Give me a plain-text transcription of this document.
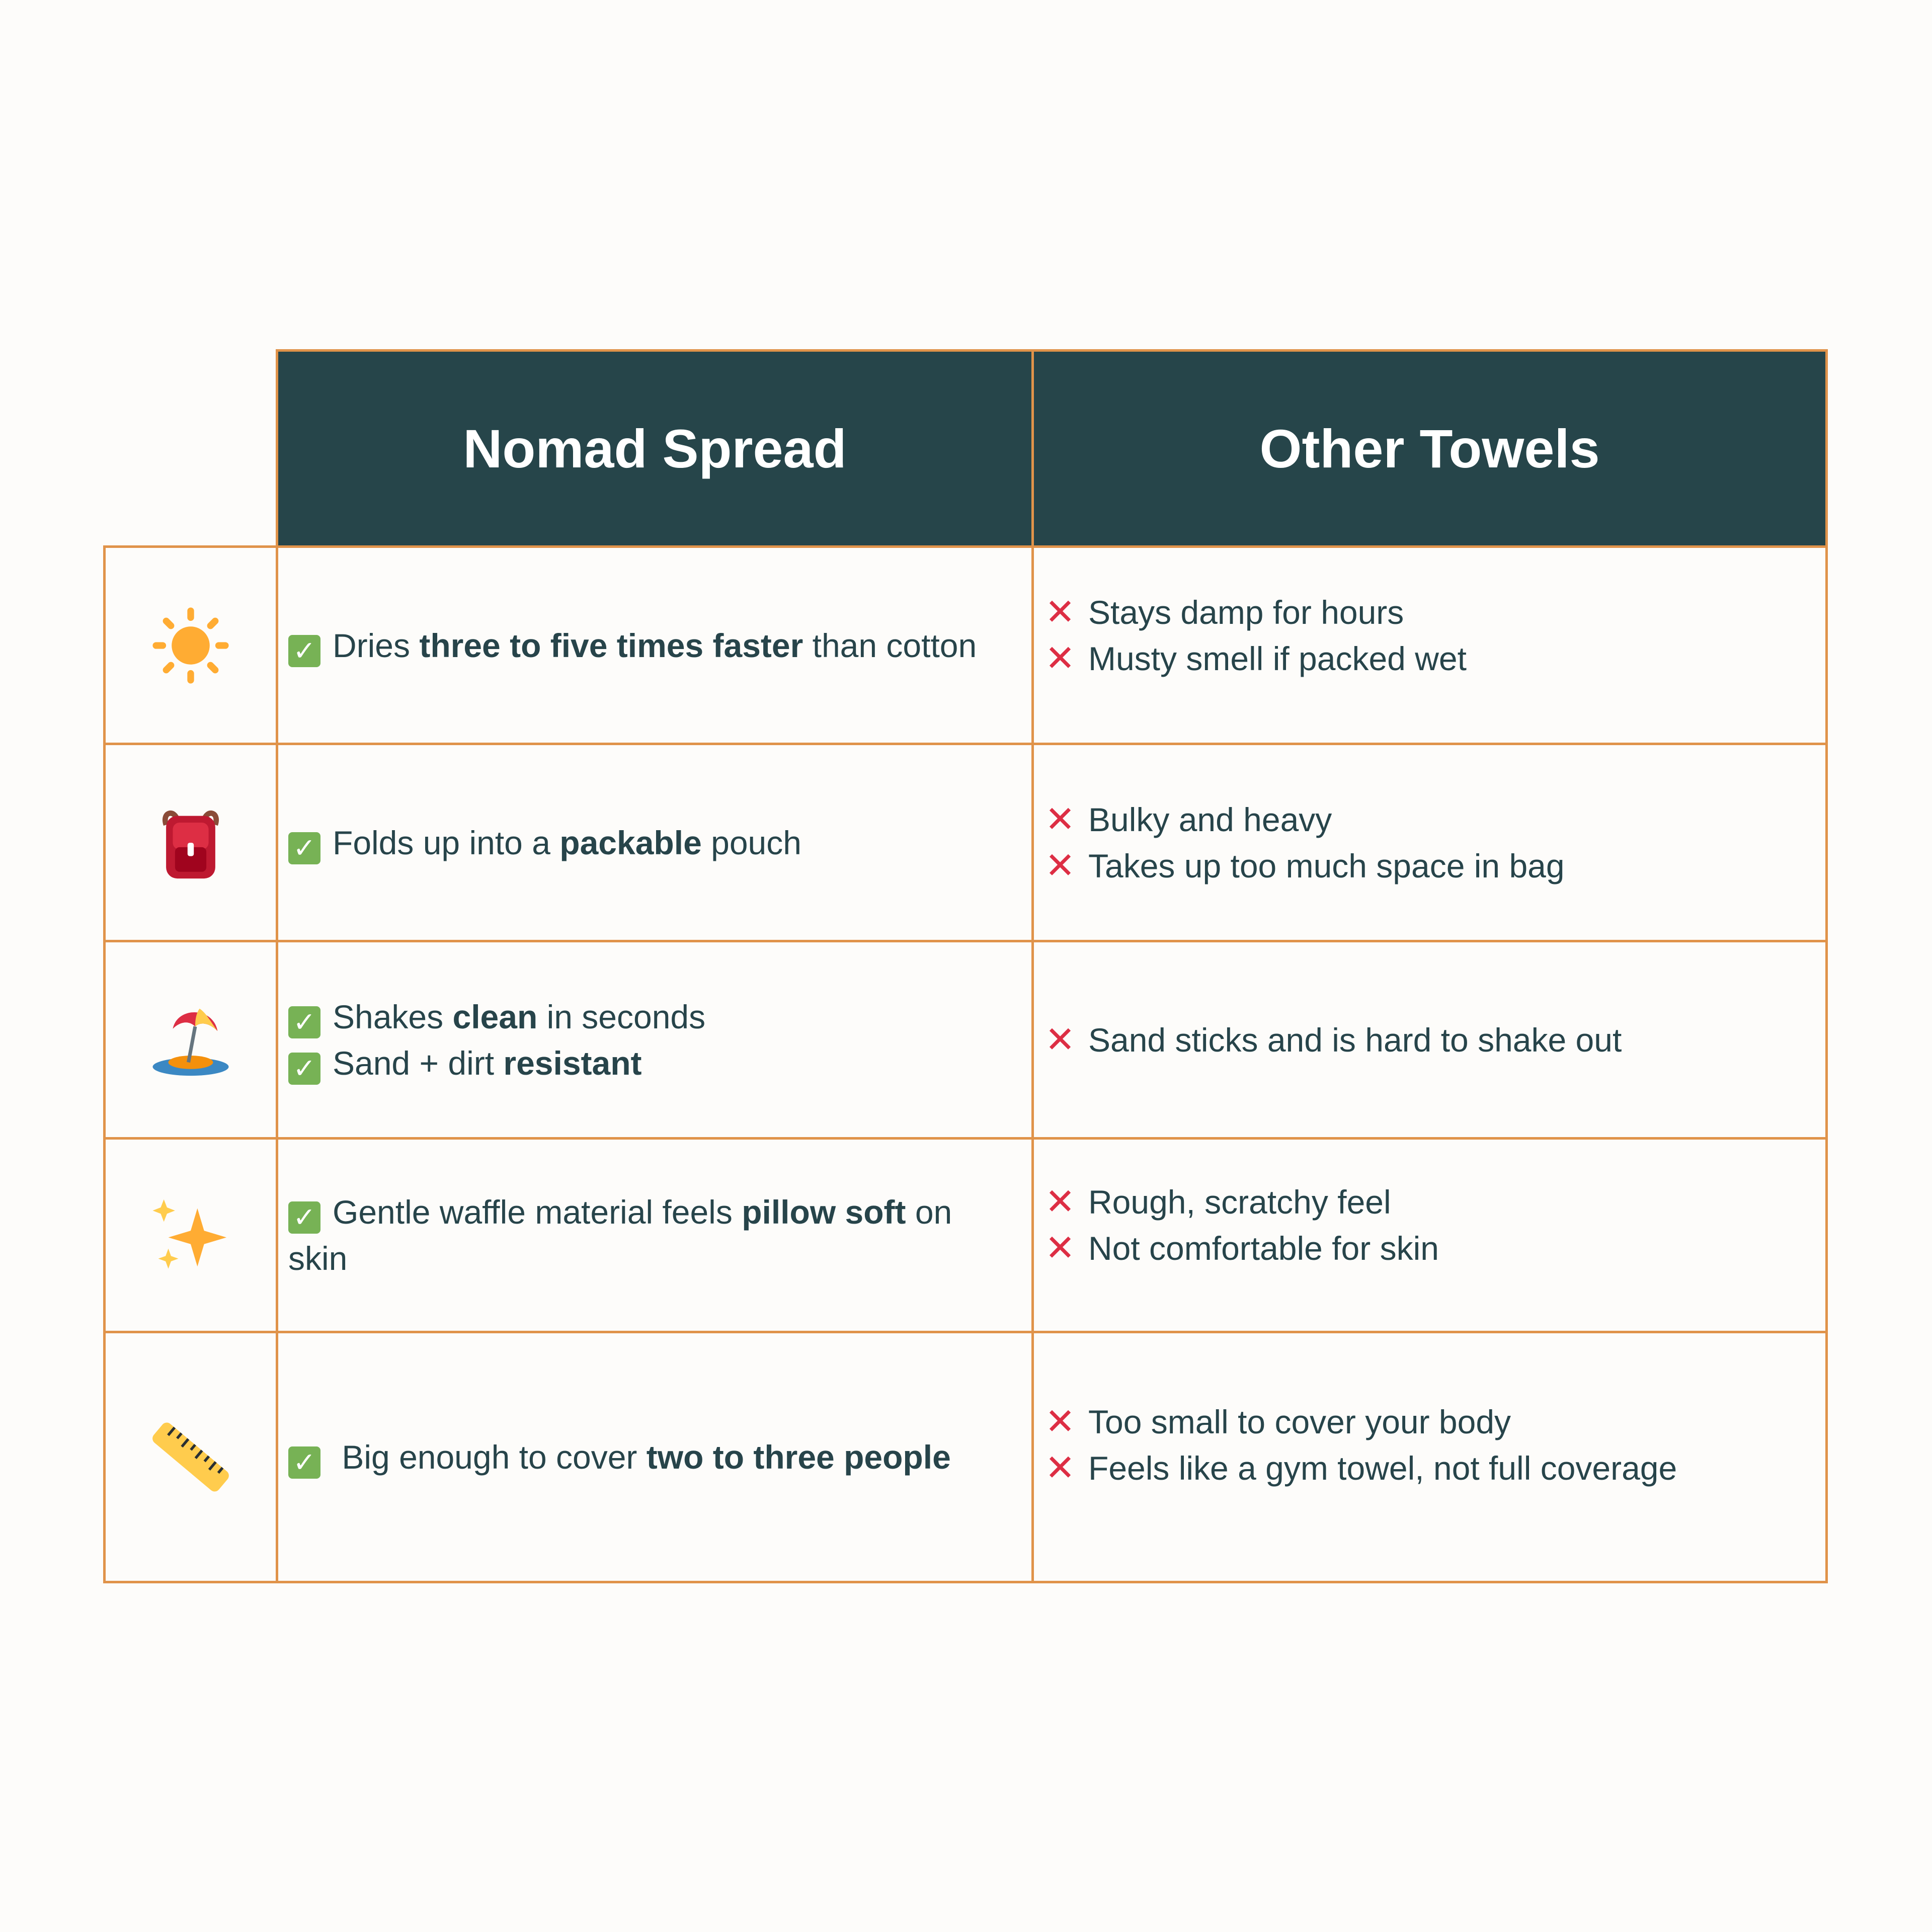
Nomad Spread	Other Towels
✓ Dries three to five times faster than cotton
✕ Stays damp for hours
✕ Musty smell if packed wet
✓ Folds up into a packable pouch
✕ Bulky and heavy
✕ Takes up too much space in bag
✓ Shakes clean in seconds
✓ Sand + dirt resistant
✕ Sand sticks and is hard to shake out
✓ Gentle waffle material feels pillow soft on skin
✕ Rough, scratchy feel
✕ Not comfortable for skin
✓ Big enough to cover two to three people
✕ Too small to cover your body
✕ Feels like a gym towel, not full coverage
